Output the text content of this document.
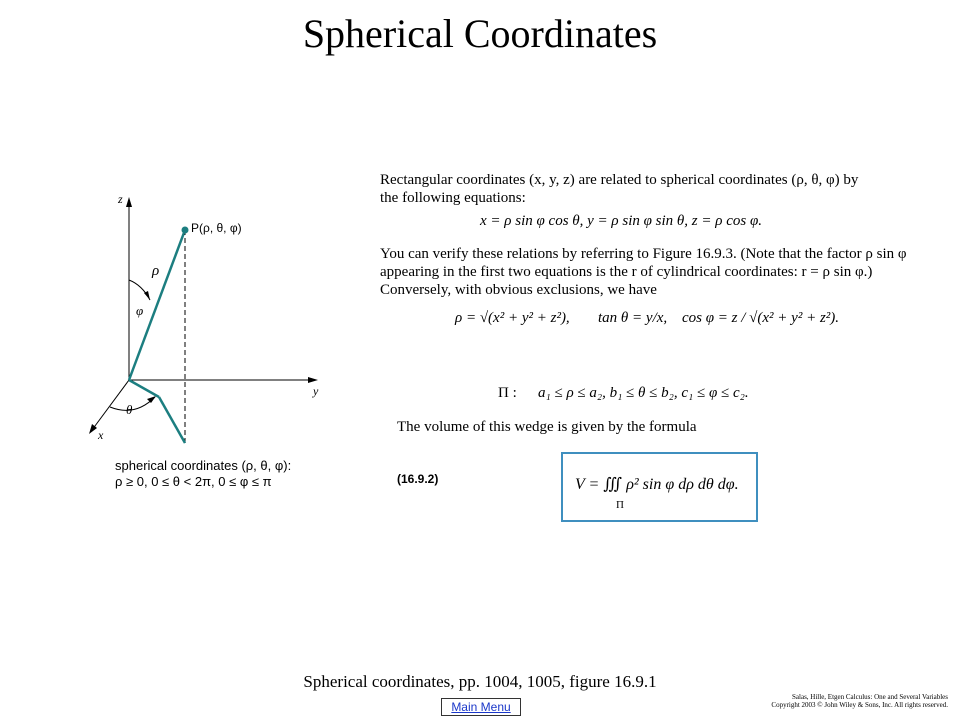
Spherical Coordinates
z
y
x
P(ρ, θ, φ)
ρ
φ
θ
spherical coordinates (ρ, θ, φ):
ρ ≥ 0, 0 ≤ θ < 2π, 0 ≤ φ ≤ π
Rectangular coordinates (x, y, z) are related to spherical coordinates (ρ, θ, φ) by
the following equations:
x = ρ sin φ cos θ, y = ρ sin φ sin θ, z = ρ cos φ.
You can verify these relations by referring to Figure 16.9.3. (Note that the factor ρ sin φ
appearing in the first two equations is the r of cylindrical coordinates: r = ρ sin φ.)
Conversely, with obvious exclusions, we have
ρ = √(x² + y² + z²), tan θ = y/x, cos φ = z / √(x² + y² + z²).
Π : a₁ ≤ ρ ≤ a₂, b₁ ≤ θ ≤ b₂, c₁ ≤ φ ≤ c₂.
The volume of this wedge is given by the formula
(16.9.2)	V = ∭ ρ² sin φ dρ dθ dφ.
Π
Spherical coordinates, pp. 1004, 1005, figure 16.9.1
Salas, Hille, Etgen Calculus: One and Several Variables
Copyright 2003 © John Wiley & Sons, Inc. All rights reserved.
Main Menu
